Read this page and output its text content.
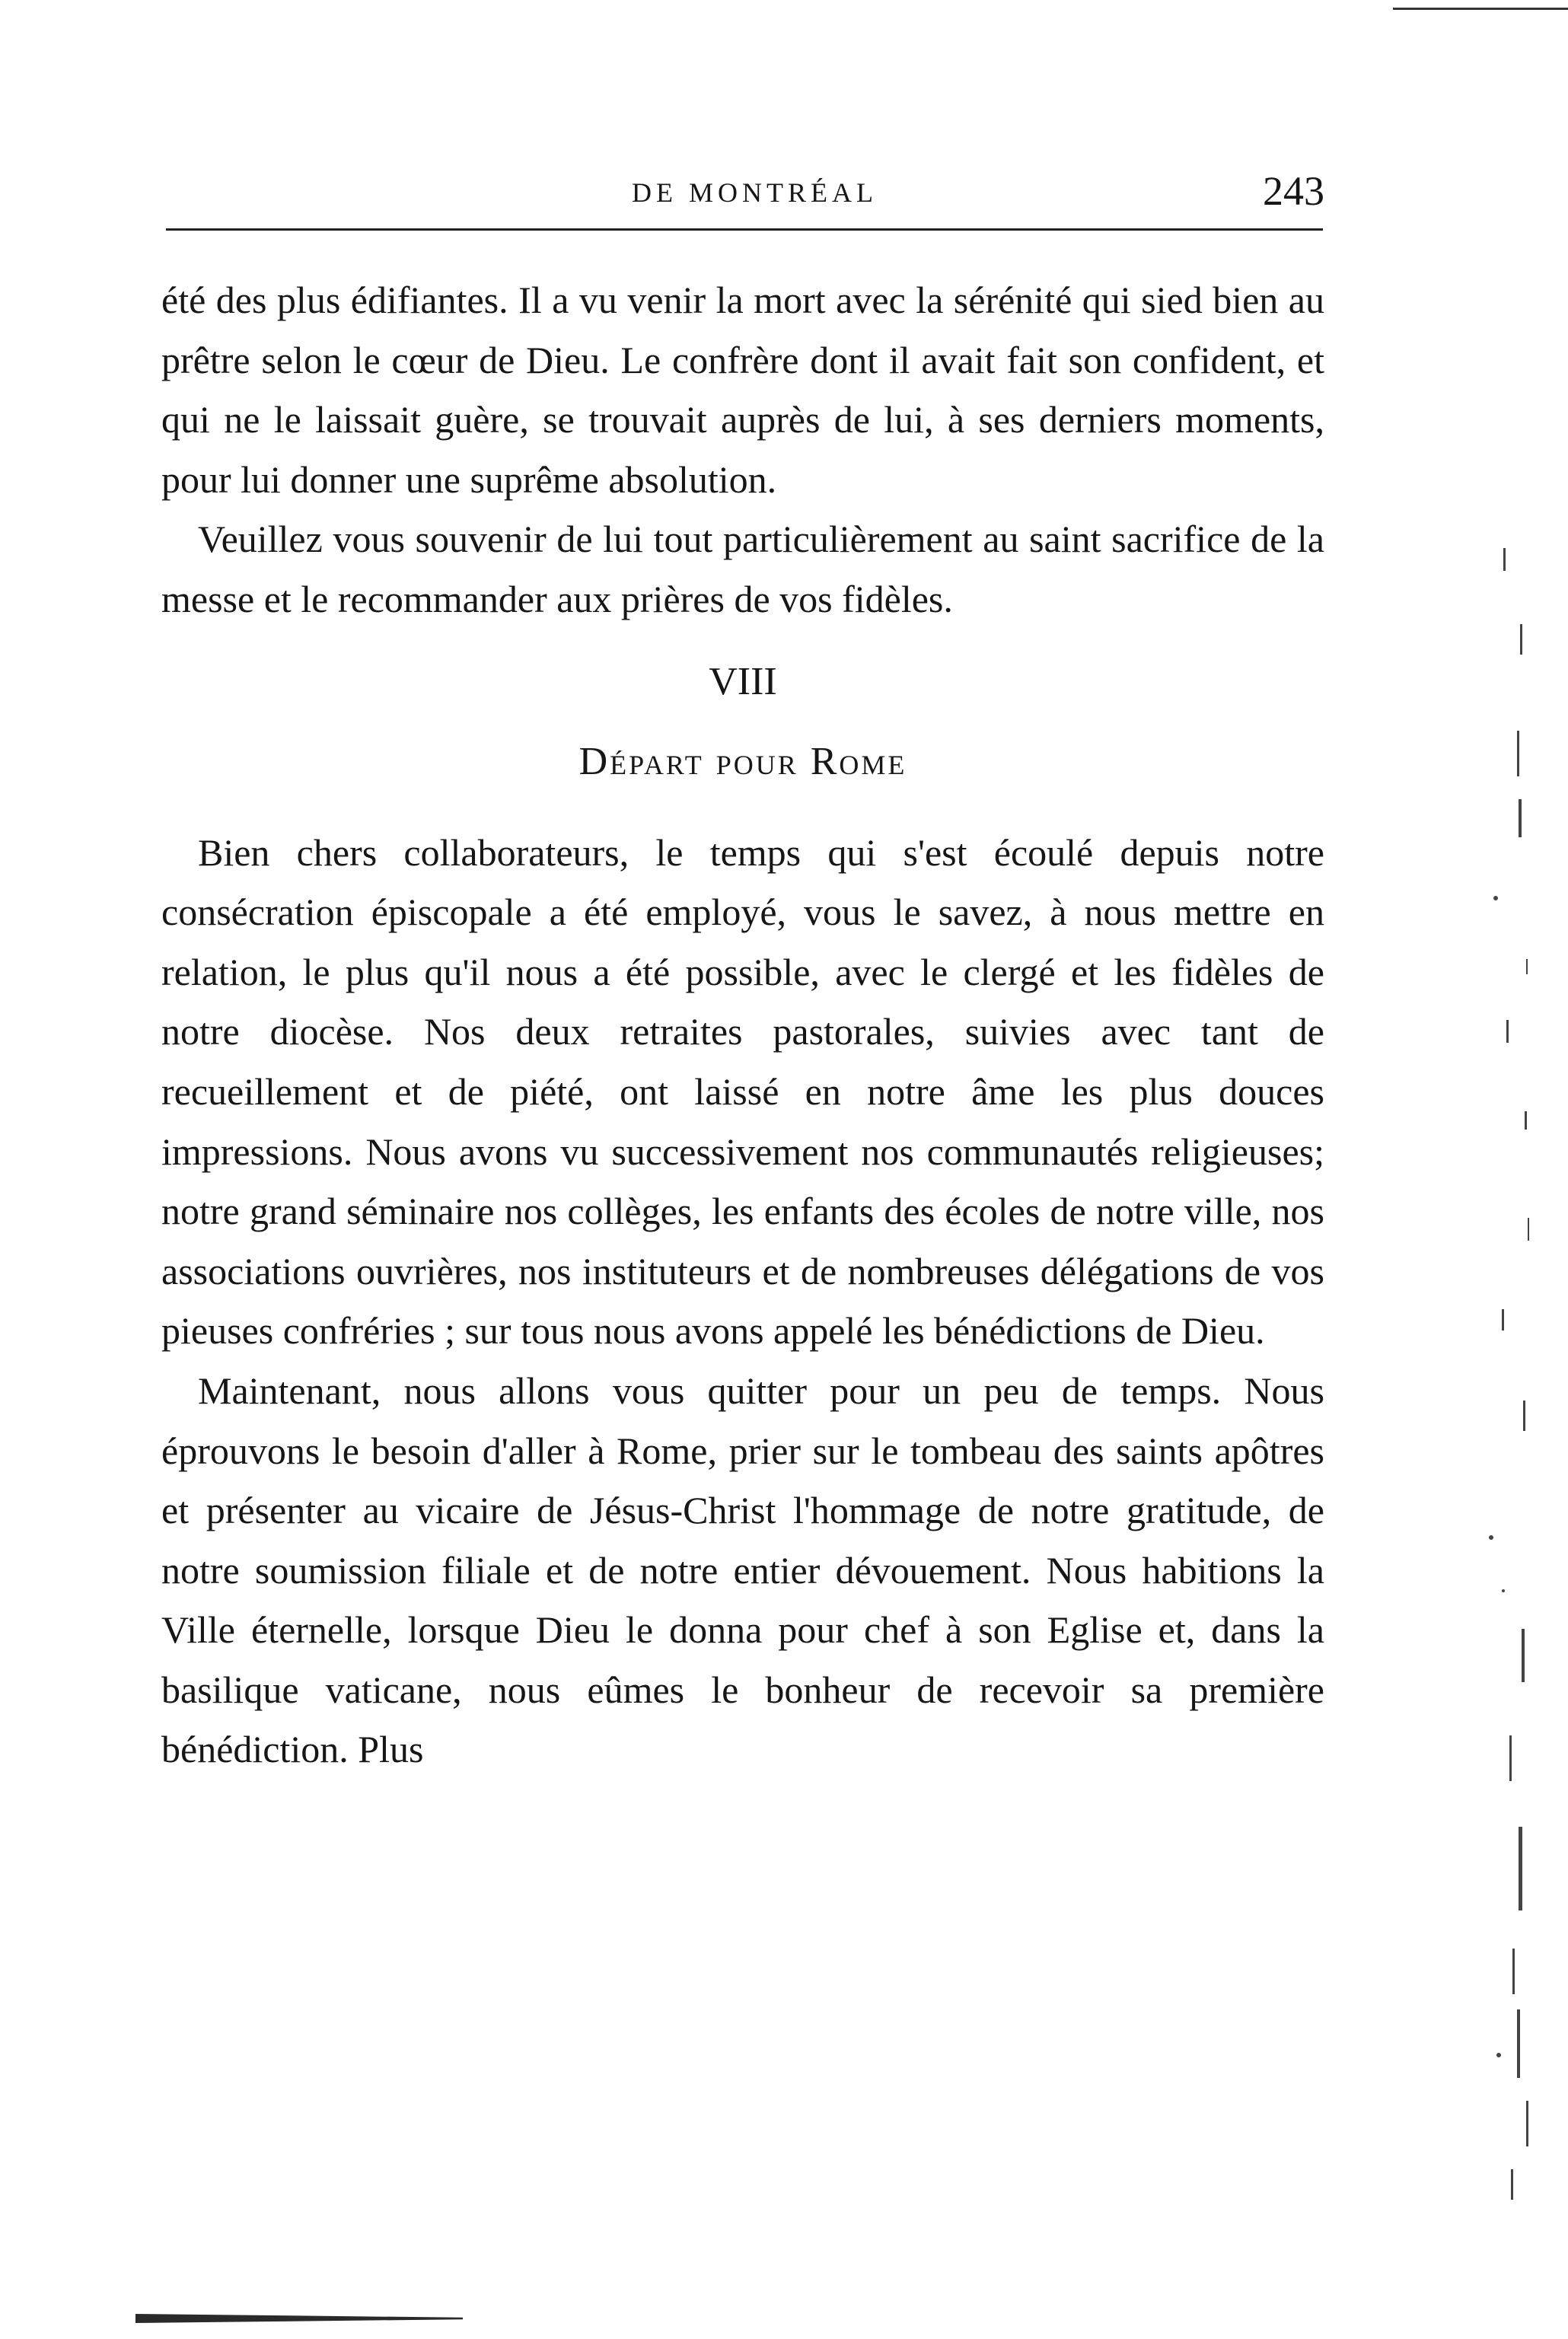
DE MONTRÉAL	243

été des plus édifiantes. Il a vu venir la mort avec la sérénité qui sied bien au prêtre selon le cœur de Dieu. Le confrère dont il avait fait son confident, et qui ne le laissait guère, se trouvait auprès de lui, à ses derniers moments, pour lui donner une suprême absolution.

Veuillez vous souvenir de lui tout particulièrement au saint sacrifice de la messe et le recommander aux prières de vos fidèles.

VIII
Départ pour Rome

Bien chers collaborateurs, le temps qui s'est écoulé depuis notre consécration épiscopale a été employé, vous le savez, à nous mettre en relation, le plus qu'il nous a été possible, avec le clergé et les fidèles de notre diocèse. Nos deux retraites pastorales, suivies avec tant de recueillement et de piété, ont laissé en notre âme les plus douces impressions. Nous avons vu successivement nos communautés religieuses; notre grand séminaire nos collèges, les enfants des écoles de notre ville, nos associations ouvrières, nos instituteurs et de nombreuses délégations de vos pieuses confréries ; sur tous nous avons appelé les bénédictions de Dieu.

Maintenant, nous allons vous quitter pour un peu de temps. Nous éprouvons le besoin d'aller à Rome, prier sur le tombeau des saints apôtres et présenter au vicaire de Jésus-Christ l'hommage de notre gratitude, de notre soumission filiale et de notre entier dévouement. Nous habitions la Ville éternelle, lorsque Dieu le donna pour chef à son Eglise et, dans la basilique vaticane, nous eûmes le bonheur de recevoir sa première bénédiction. Plus
